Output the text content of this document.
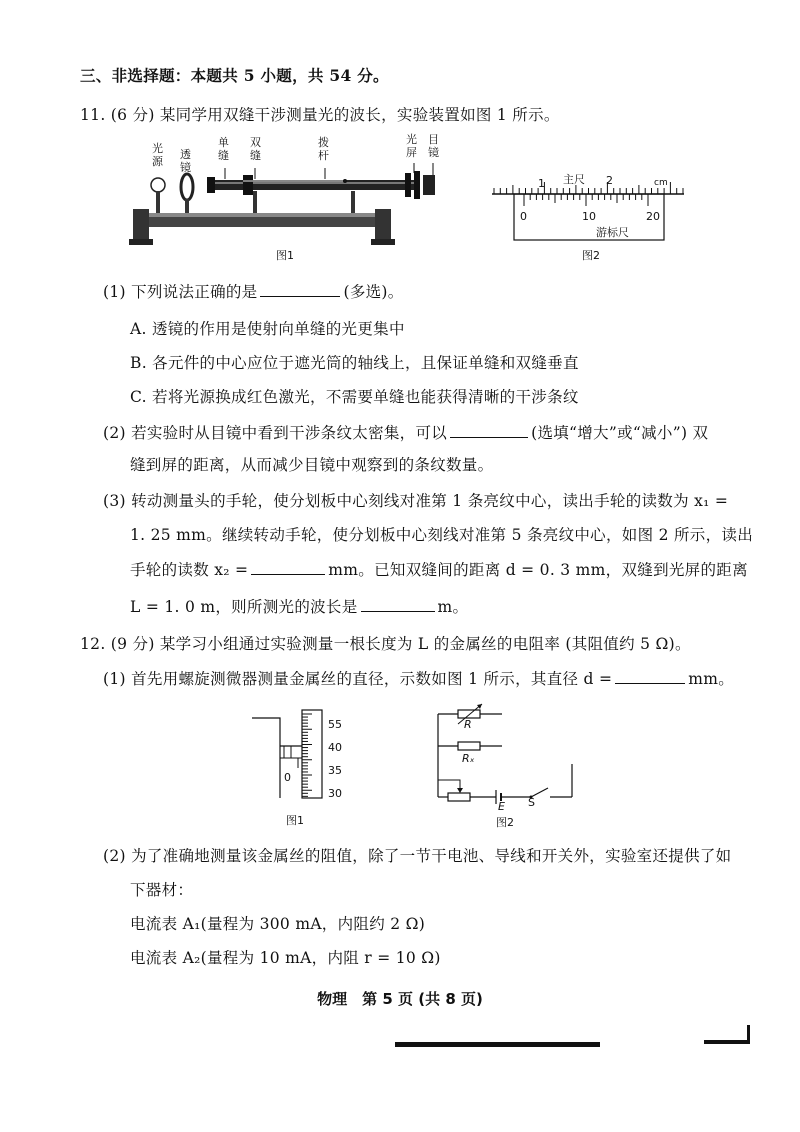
三、非选择题：本题共 5 小题，共 54 分。
11. (6 分) 某同学用双缝干涉测量光的波长，实验装置如图 1 所示。
光源
透镜
单缝
双缝
拨杆
光屏
目镜
图1
主尺
1	2	cm
0	10	20
游标尺
图2
(1) 下列说法正确的是	(多选)。
A. 透镜的作用是使射向单缝的光更集中
B. 各元件的中心应位于遮光筒的轴线上，且保证单缝和双缝垂直
C. 若将光源换成红色激光，不需要单缝也能获得清晰的干涉条纹
(2) 若实验时从目镜中看到干涉条纹太密集，可以	(选填“增大”或“减小”) 双
缝到屏的距离，从而减少目镜中观察到的条纹数量。
(3) 转动测量头的手轮，使分划板中心刻线对准第 1 条亮纹中心，读出手轮的读数为 x₁ =
1. 25 mm。继续转动手轮，使分划板中心刻线对准第 5 条亮纹中心，如图 2 所示，读出
手轮的读数 x₂ =	mm。已知双缝间的距离 d = 0. 3 mm，双缝到光屏的距离
L = 1. 0 m，则所测光的波长是	m。
12. (9 分) 某学习小组通过实验测量一根长度为 L 的金属丝的电阻率 (其阻值约 5 Ω)。
(1) 首先用螺旋测微器测量金属丝的直径，示数如图 1 所示，其直径 d =	mm。
55
40
35
30
0
图1
R
Rₓ
E S
图2
(2) 为了准确地测量该金属丝的阻值，除了一节干电池、导线和开关外，实验室还提供了如
下器材：
电流表 A₁(量程为 300 mA，内阻约 2 Ω)
电流表 A₂(量程为 10 mA，内阻 r = 10 Ω)
物理　第 5 页 (共 8 页)
